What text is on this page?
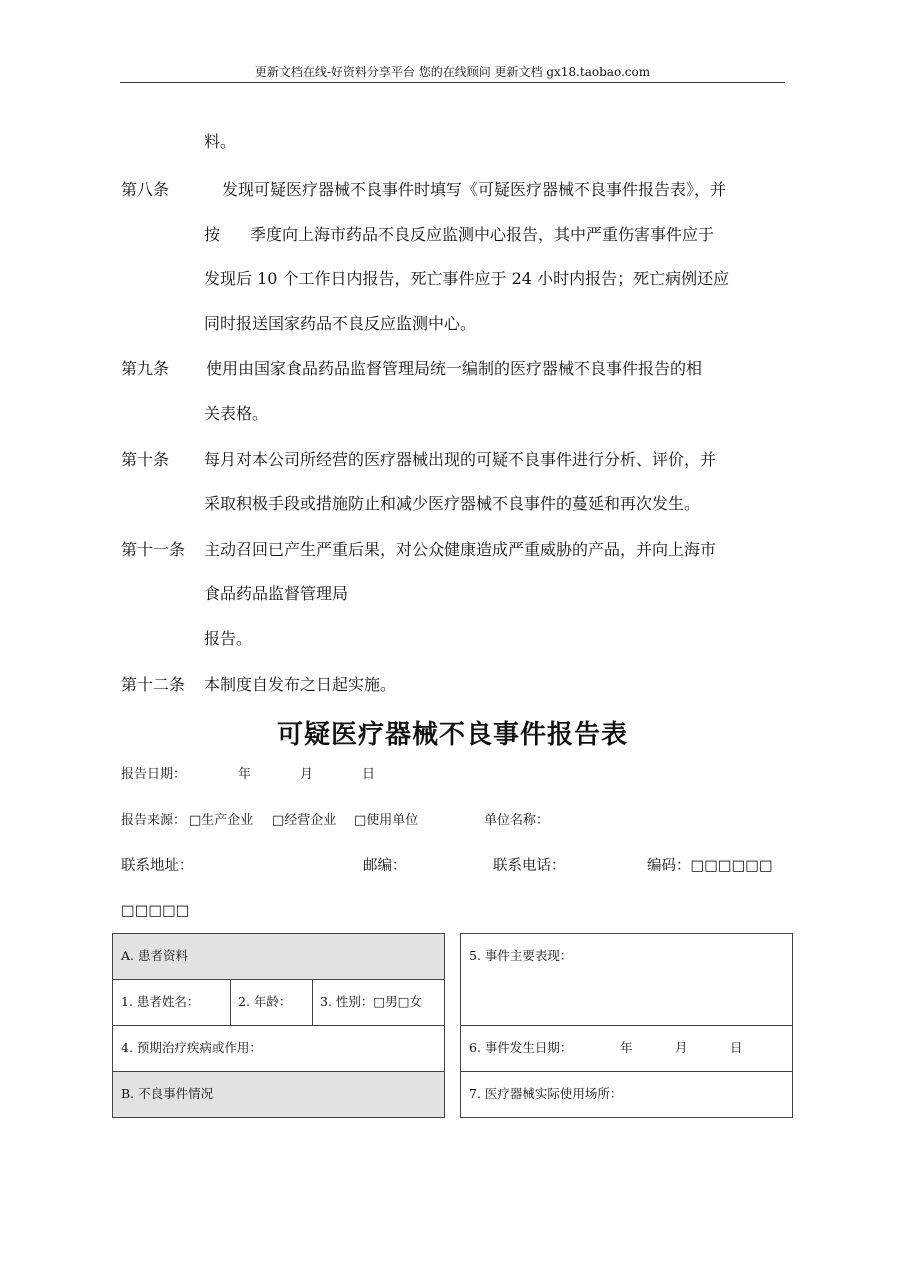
更新文档在线-好资料分享平台 您的在线顾问 更新文档 gx18.taobao.com
料。
第八条	发现可疑医疗器械不良事件时填写《可疑医疗器械不良事件报告表》，并
按 季度向上海市药品不良反应监测中心报告，其中严重伤害事件应于
发现后 10 个工作日内报告，死亡事件应于 24 小时内报告；死亡病例还应
同时报送国家药品不良反应监测中心。
第九条 使用由国家食品药品监督管理局统一编制的医疗器械不良事件报告的相
关表格。
第十条 每月对本公司所经营的医疗器械出现的可疑不良事件进行分析、评价，并
采取积极手段或措施防止和减少医疗器械不良事件的蔓延和再次发生。
第十一条 主动召回已产生严重后果，对公众健康造成严重威胁的产品，并向上海市
食品药品监督管理局
报告。
第十二条 本制度自发布之日起实施。
可疑医疗器械不良事件报告表
报告日期：	年	月	日
报告来源： □生产企业 □经营企业 □使用单位	单位名称：
联系地址：	邮编：	联系电话：	编码：□□□□□□
□□□□□
A. 患者资料
1. 患者姓名：	2. 年龄： 3. 性别：□男□女
4. 预期治疗疾病或作用：
B. 不良事件情况
5. 事件主要表现：
6. 事件发生日期：	年	月	日
7. 医疗器械实际使用场所：
